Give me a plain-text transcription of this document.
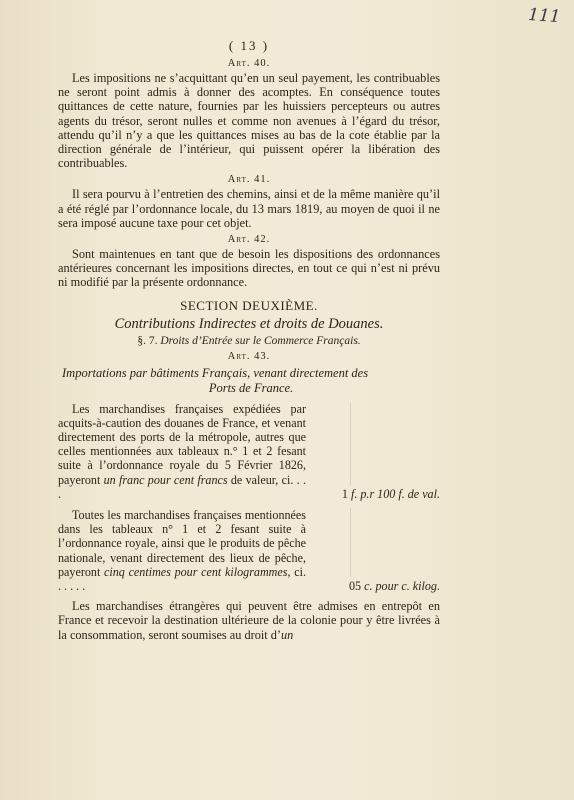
111
( 13 )
Art. 40.

Les impositions ne s’acquittant qu’en un seul payement, les contribuables ne seront point admis à donner des acomptes. En conséquence toutes quittances de cette nature, fournies par les huissiers percepteurs ou autres agents du trésor, seront nulles et comme non avenues à l’égard du trésor, attendu qu’il n’y a que les quittances mises au bas de la cote établie par la direction générale de l’intérieur, qui puissent opérer la libération des contribuables.

Art. 41.

Il sera pourvu à l’entretien des chemins, ainsi et de la même manière qu’il a été réglé par l’ordonnance locale, du 13 mars 1819, au moyen de quoi il ne sera imposé aucune taxe pour cet objet.

Art. 42.

Sont maintenues en tant que de besoin les dispositions des ordonnances antérieures concernant les impositions directes, en tout ce qui n’est ni prévu ni modifié par la présente ordonnance.

SECTION DEUXIÈME.
Contributions Indirectes et droits de Douanes.
§. 7. Droits d’Entrée sur le Commerce Français.
Art. 43.
Importations par bâtiments Français, venant directement des
Ports de France.
Les marchandises françaises expédiées par acquits-à-caution des douanes de France, et venant directement des ports de la métropole, autres que celles mentionnées aux tableaux n.° 1 et 2 fesant suite à l’ordonnance royale du 5 Février 1826, payeront un franc pour cent francs de valeur, ci. . . .	1 f. p.r 100 f. de val.
Toutes les marchandises françaises mentionnées dans les tableaux n° 1 et 2 fesant suite à l’ordonnance royale, ainsi que le produits de pêche nationale, venant directement des lieux de pêche, payeront cinq centimes pour cent kilogrammes, ci. . . . . .	05 c. pour c. kilog.

Les marchandises étrangères qui peuvent être admises en entrepôt en France et recevoir la destination ultérieure de la colonie pour y être livrées à la consommation, seront soumises au droit d’un
